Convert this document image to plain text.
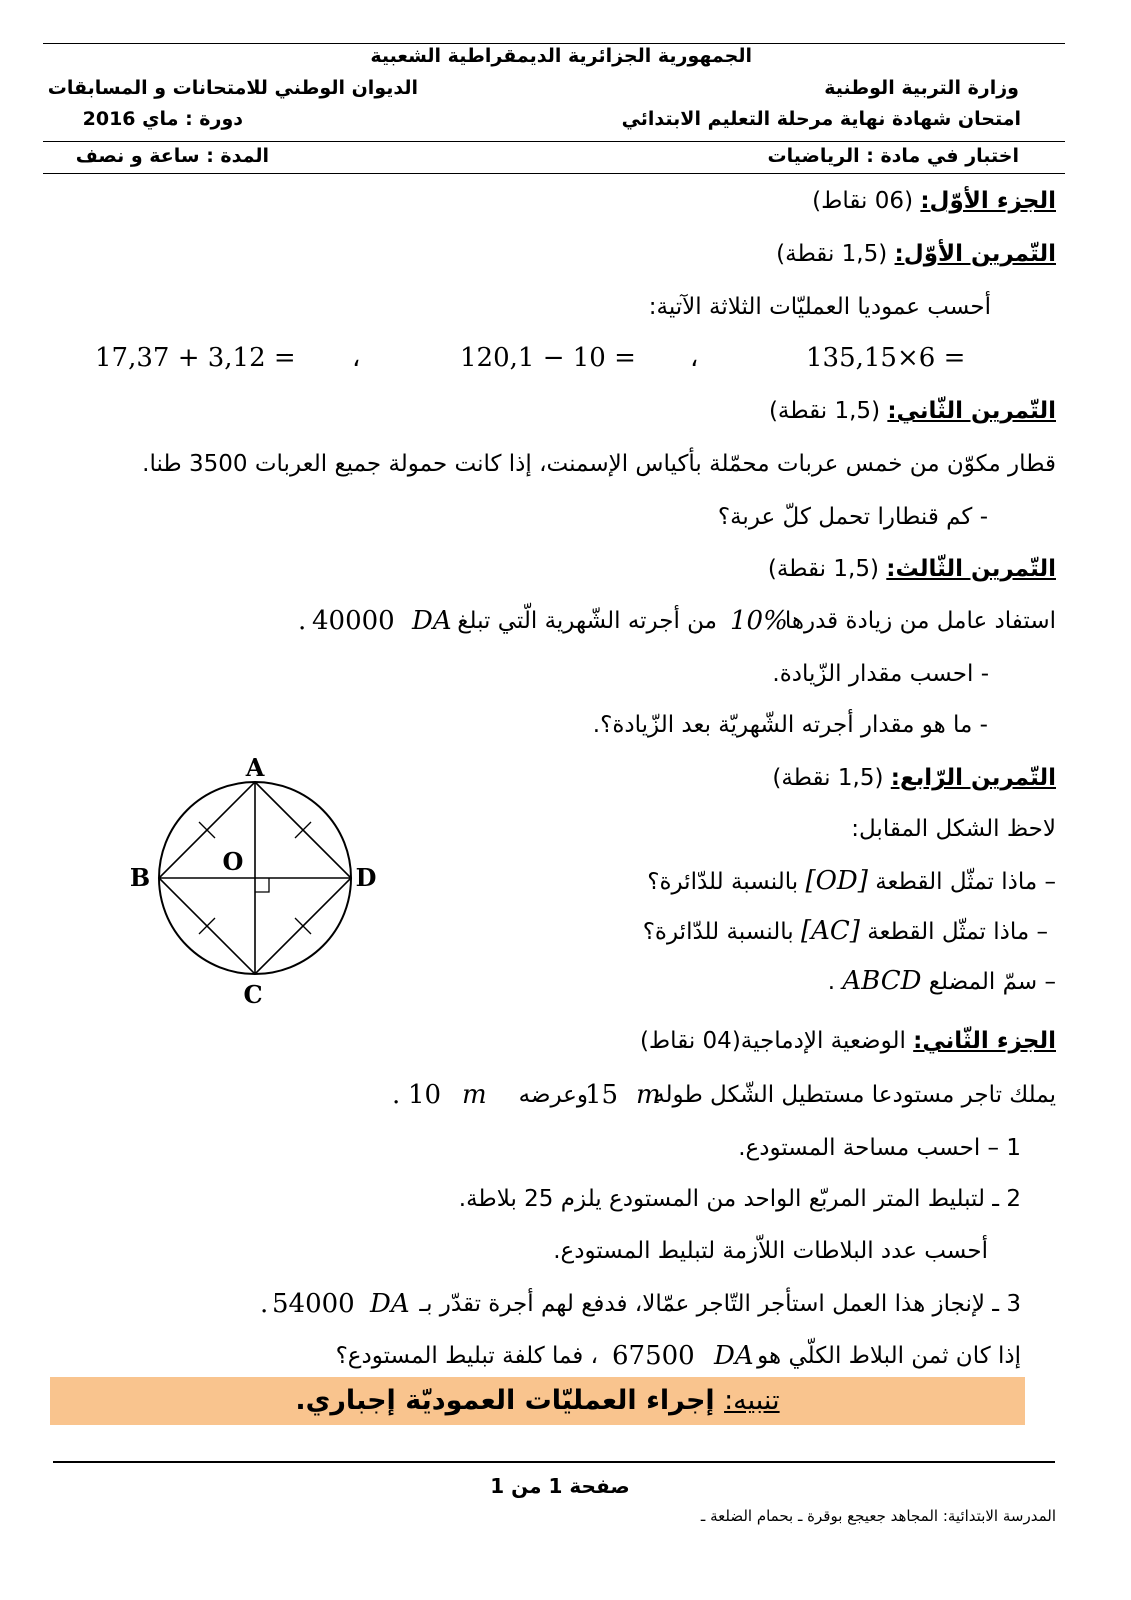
الجمهورية الجزائرية الديمقراطية الشعبية
وزارة التربية الوطنية
الديوان الوطني للامتحانات و المسابقات
امتحان شهادة نهاية مرحلة التعليم الابتدائي
دورة : ماي 2016
اختبار في مادة : الرياضيات
المدة : ساعة و نصف
الجزء الأوّل: (06 نقاط)
التّمرين الأوّل: (1,5 نقطة)
أحسب عموديا العمليّات الثلاثة الآتية:
135,15×6 =
،
120,1 − 10 =
،
17,37 + 3,12 =
التّمرين الثّاني: (1,5 نقطة)
قطار مكوّن من خمس عربات محمّلة بأكياس الإسمنت، إذا كانت حمولة جميع العربات 3500 طنا.
- كم قنطارا تحمل كلّ عربة؟
التّمرين الثّالث: (1,5 نقطة)
استفاد عامل من زيادة قدرها
10%
من أجرته الشّهرية الّتي تبلغ
DA
40000
.
- احسب مقدار الزّيادة.
- ما هو مقدار أجرته الشّهريّة بعد الزّيادة؟.
التّمرين الرّابع: (1,5 نقطة)
لاحظ الشكل المقابل:
– ماذا تمثّل القطعة [OD] بالنسبة للدّائرة؟
– ماذا تمثّل القطعة [AC] بالنسبة للدّائرة؟
– سمّ المضلع ABCD .
A
B
C
D
O
الجزء الثّاني: الوضعية الإدماجية(04 نقاط)
يملك تاجر مستودعا مستطيل الشّكل طوله
m
15
وعرضه
m
10
.
1 – احسب مساحة المستودع.
2 ـ لتبليط المتر المربّع الواحد من المستودع يلزم 25 بلاطة.
أحسب عدد البلاطات اللاّزمة لتبليط المستودع.
3 ـ لإنجاز هذا العمل استأجر التّاجر عمّالا، فدفع لهم أجرة تقدّر بـ
DA
54000
.
إذا كان ثمن البلاط الكلّي هو
DA
67500
، فما كلفة تبليط المستودع؟
تنبيه: إجراء العمليّات العموديّة إجباري.
صفحة 1 من 1
المدرسة الابتدائية: المجاهد جعيجع بوقرة ـ بحمام الضلعة ـ
